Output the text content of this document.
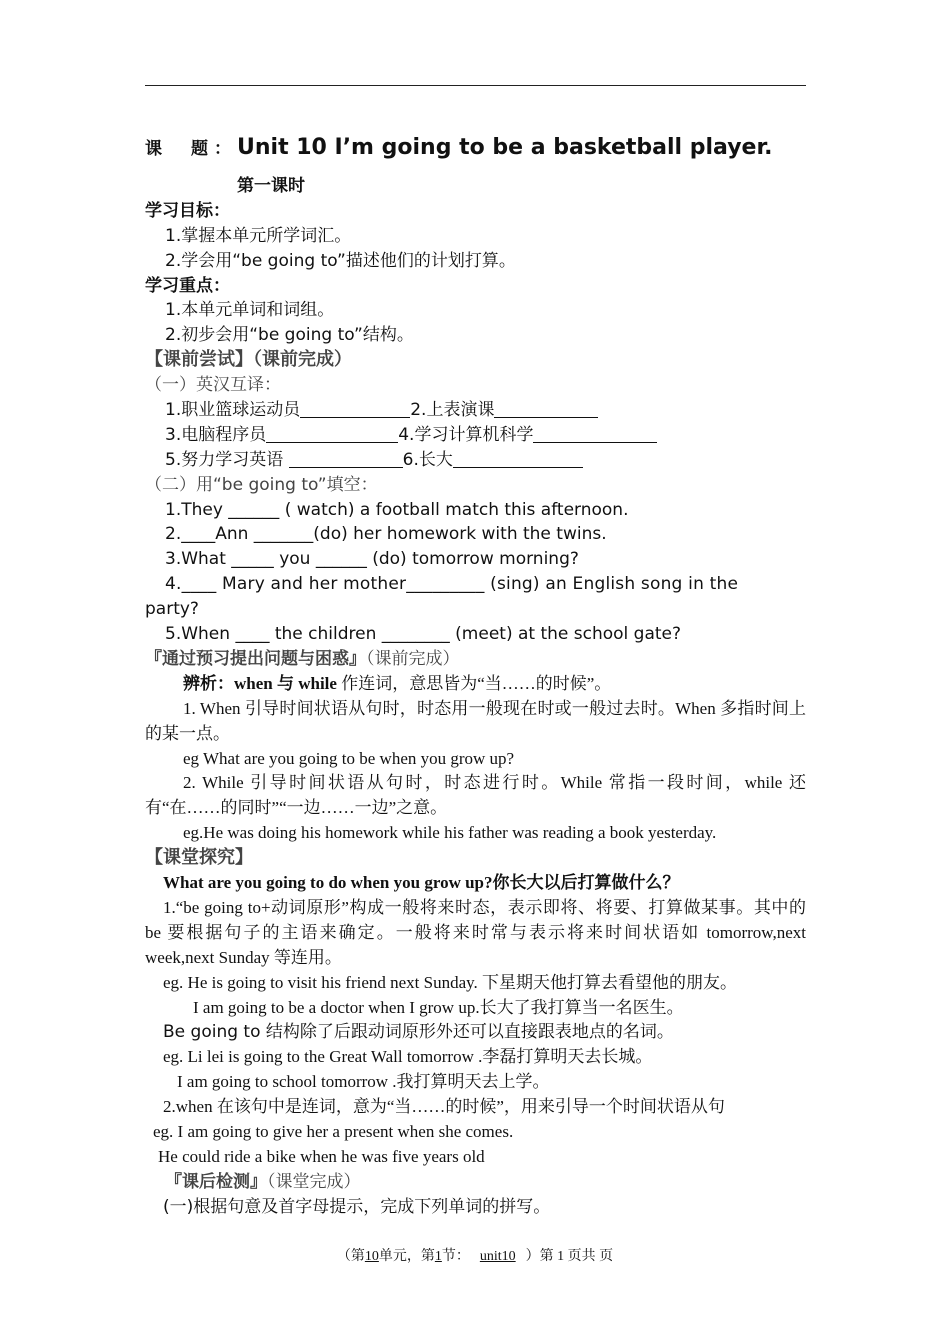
课　题：Unit 10 I’m going to be a basketball player.
第一课时
学习目标：
1.掌握本单元所学词汇。
2.学会用“be going to”描述他们的计划打算。
学习重点：
1.本单元单词和词组。
2.初步会用“be going to”结构。
【课前尝试】（课前完成）
（一）英汉互译：
1.职业篮球运动员	2.上表演课
3.电脑程序员	4.学习计算机科学
5.努力学习英语	6.长大
（二）用“be going to”填空：
1.They ______ ( watch) a football match this afternoon.
2.____Ann _______(do) her homework with the twins.
3.What _____ you ______ (do) tomorrow morning?
4.____ Mary and her mother_________ (sing) an English song in the
party?
5.When ____ the children ________ (meet) at the school gate?
『通过预习提出问题与困惑』（课前完成）
辨析：when 与 while 作连词，意思皆为“当……的时候”。
1. When 引导时间状语从句时，时态用一般现在时或一般过去时。When 多指时间上的某一点。
eg What are you going to be when you grow up?
2. While 引导时间状语从句时，时态进行时。While 常指一段时间，while 还有“在……的同时”“一边……一边”之意。
eg.He was doing his homework while his father was reading a book yesterday.
【课堂探究】
What are you going to do when you grow up?你长大以后打算做什么？
1.“be going to+动词原形”构成一般将来时态，表示即将、将要、打算做某事。其中的 be 要根据句子的主语来确定。一般将来时常与表示将来时间状语如 tomorrow,next week,next Sunday 等连用。
eg. He is going to visit his friend next Sunday. 下星期天他打算去看望他的朋友。
I am going to be a doctor when I grow up.长大了我打算当一名医生。
Be going to 结构除了后跟动词原形外还可以直接跟表地点的名词。
eg. Li lei is going to the Great Wall tomorrow .李磊打算明天去长城。
I am going to school tomorrow .我打算明天去上学。
2.when 在该句中是连词，意为“当……的时候”，用来引导一个时间状语从句
eg. I am going to give her a present when she comes.
He could ride a bike when he was five years old
『课后检测』（课堂完成）
(一)根据句意及首字母提示，完成下列单词的拼写。
（第10单元，第1节： unit10 ）第 1 页共 页
